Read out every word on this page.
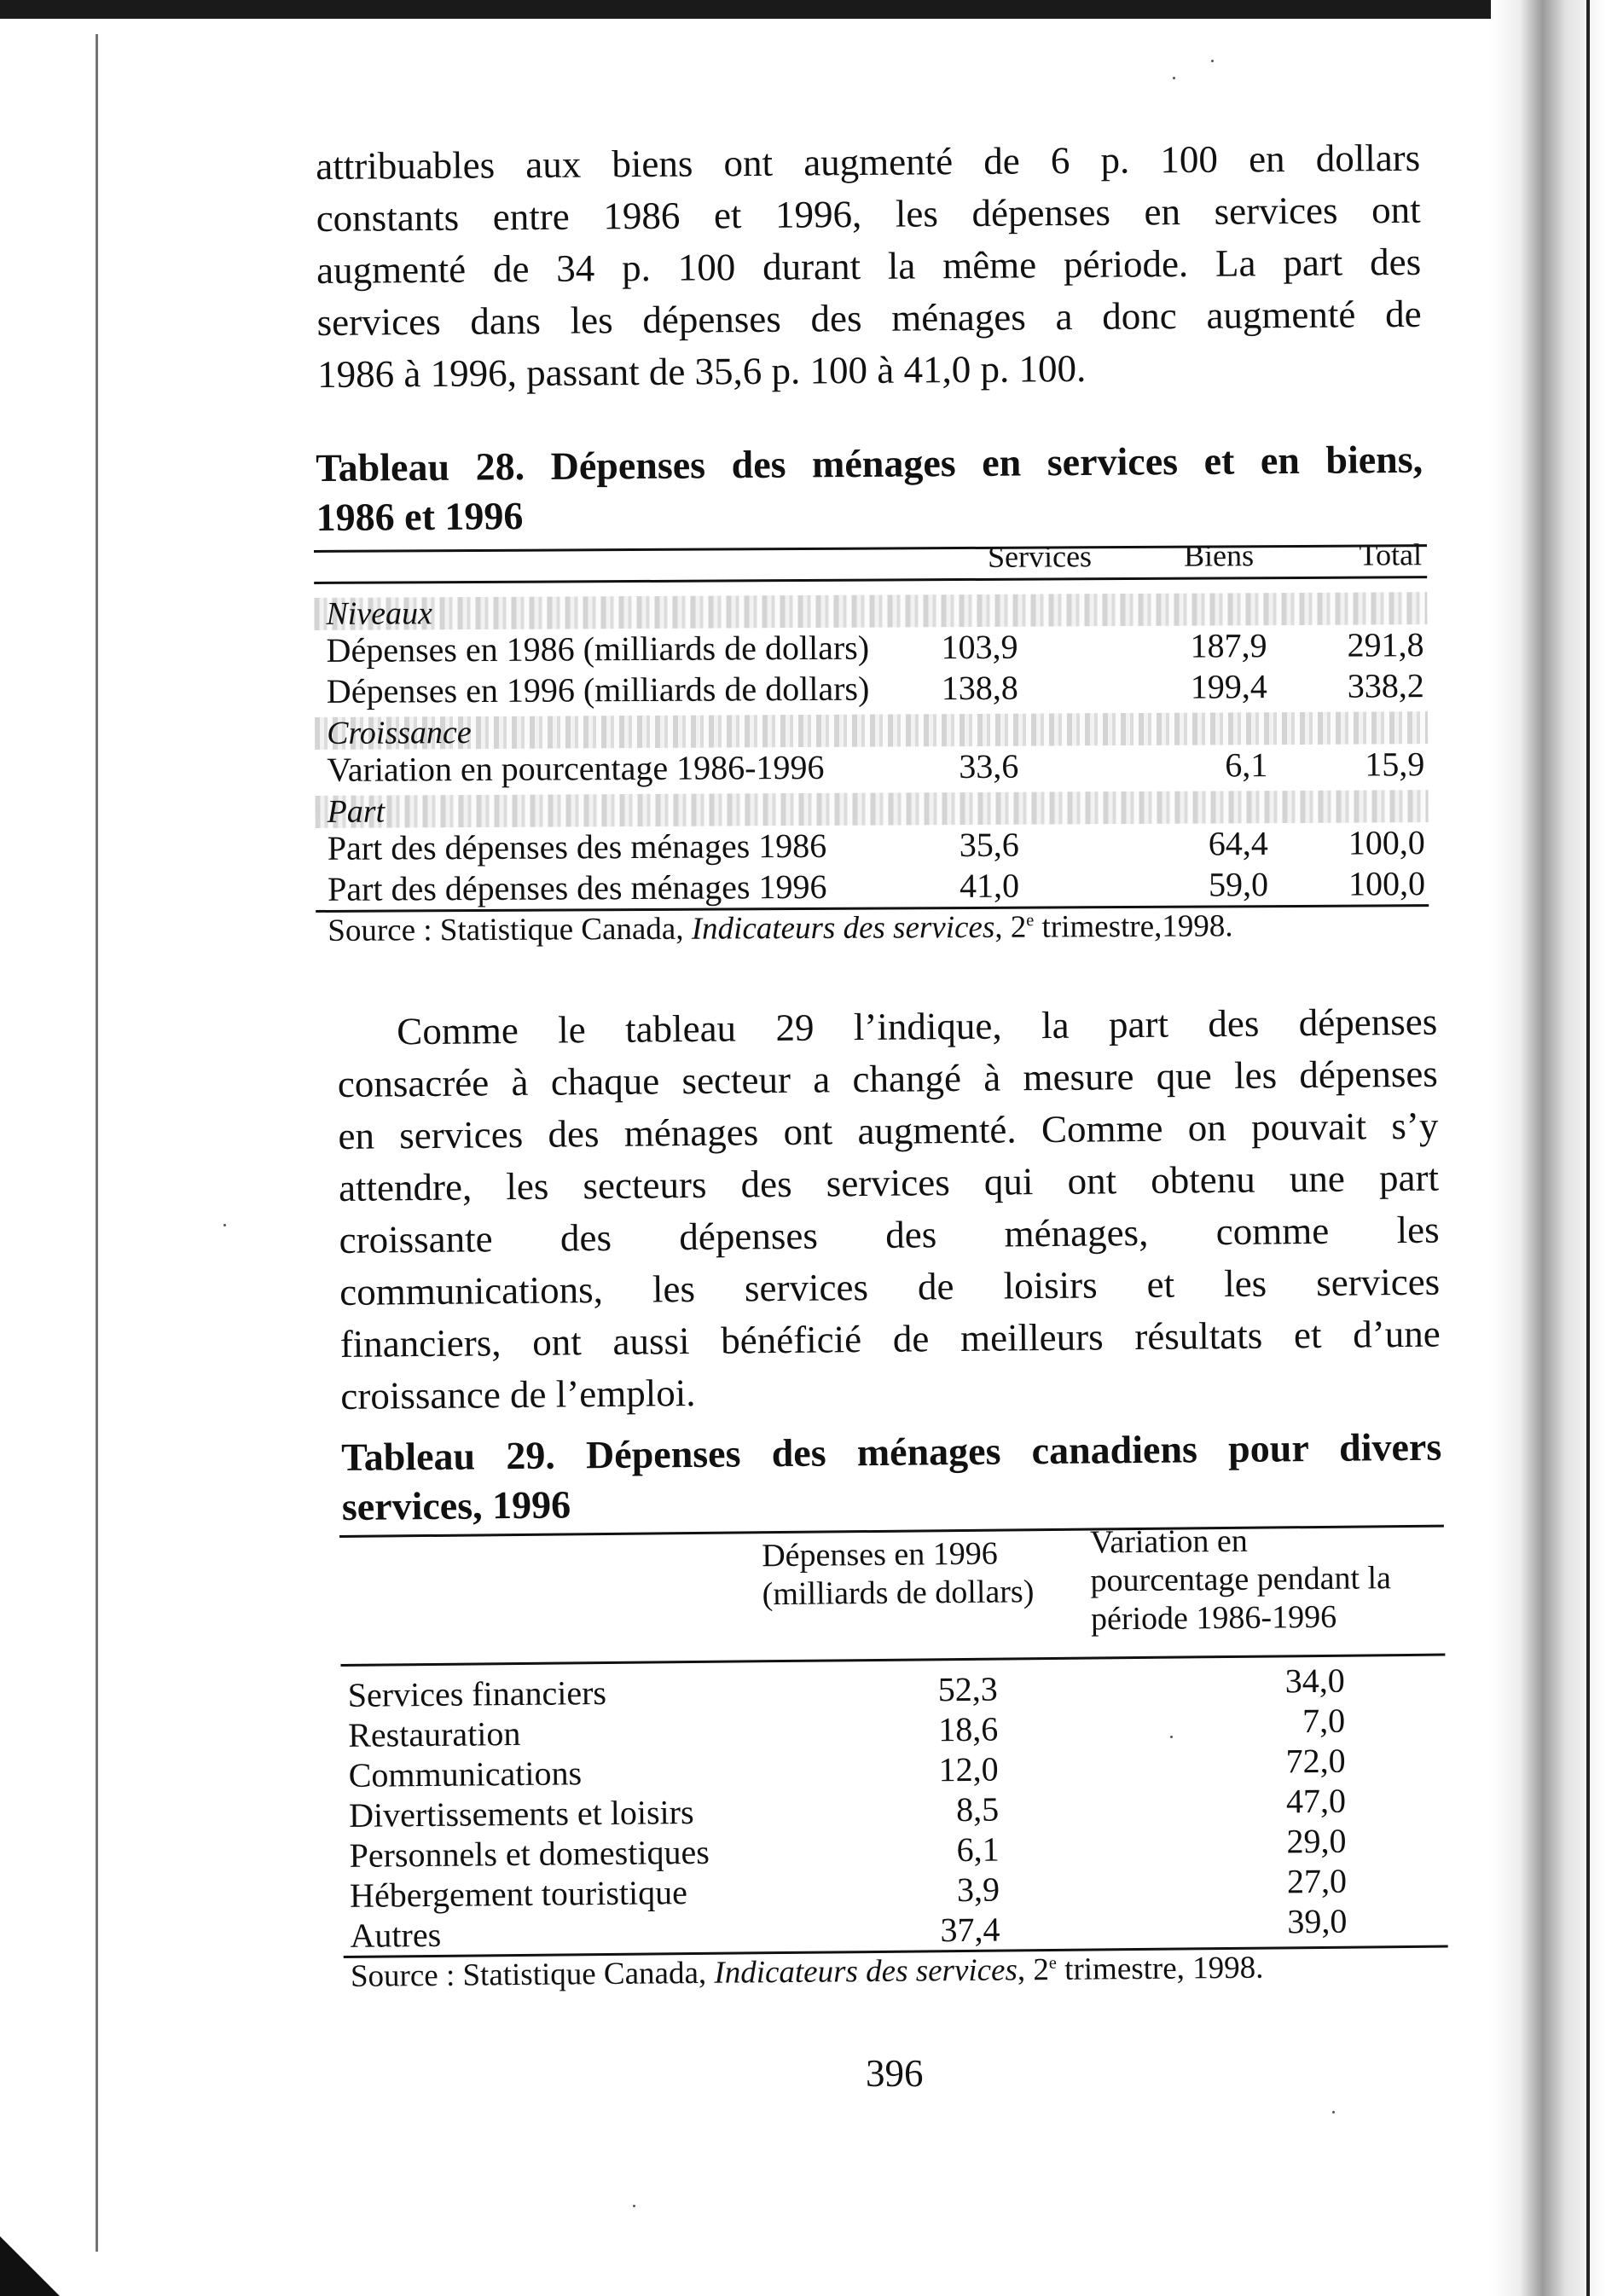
attribuables aux biens ont augmenté de 6 p. 100 en dollars
constants entre 1986 et 1996, les dépenses en services ont
augmenté de 34 p. 100 durant la même période. La part des
services dans les dépenses des ménages a donc augmenté de
1986 à 1996, passant de 35,6 p. 100 à 41,0 p. 100.
Tableau 28. Dépenses des ménages en services et en biens,
1986 et 1996
Services	Biens	Total
Niveaux
Dépenses en 1986 (milliards de dollars) 103,9	187,9 291,8
Dépenses en 1996 (milliards de dollars) 138,8	199,4 338,2
Croissance
Variation en pourcentage 1986-1996	33,6	6,1	15,9
Part
Part des dépenses des ménages 1986	35,6	64,4 100,0
Part des dépenses des ménages 1996	41,0	59,0 100,0
Source : Statistique Canada, Indicateurs des services, 2e trimestre,1998.
Comme le tableau 29 l’indique, la part des dépenses
consacrée à chaque secteur a changé à mesure que les dépenses
en services des ménages ont augmenté. Comme on pouvait s’y
attendre, les secteurs des services qui ont obtenu une part
croissante des dépenses des ménages, comme les
communications, les services de loisirs et les services
financiers, ont aussi bénéficié de meilleurs résultats et d’une
croissance de l’emploi.
Tableau 29. Dépenses des ménages canadiens pour divers
services, 1996
Dépenses en 1996
(milliards de dollars)
Variation en
pourcentage pendant la
période 1986-1996
Services financiers	52,3	34,0
Restauration	18,6	7,0
Communications	12,0	72,0
Divertissements et loisirs	8,5	47,0
Personnels et domestiques	6,1	29,0
Hébergement touristique	3,9	27,0
Autres	37,4	39,0
Source : Statistique Canada, Indicateurs des services, 2e trimestre, 1998.
396
